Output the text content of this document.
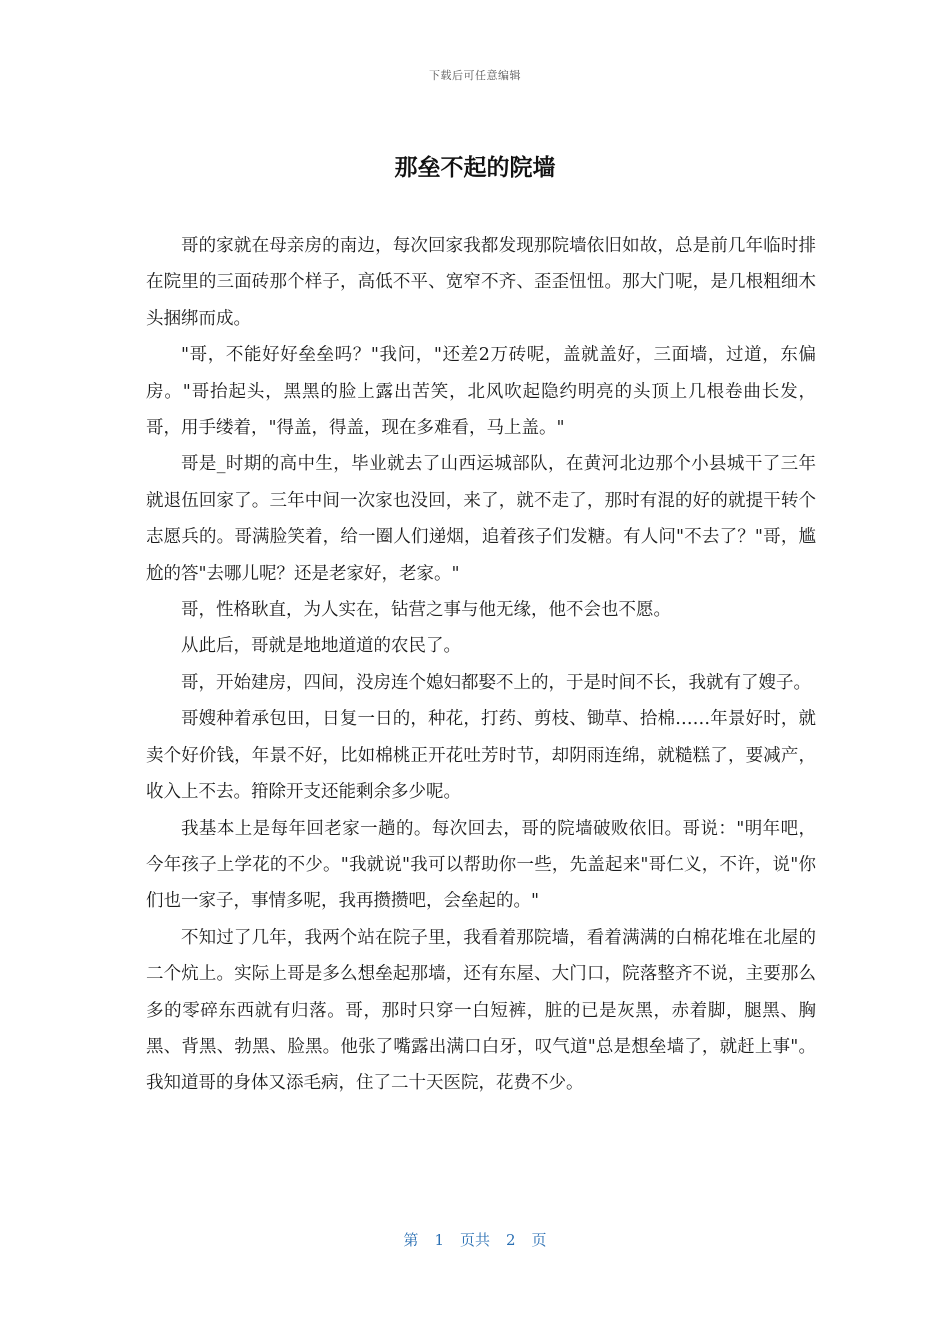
下载后可任意编辑
那垒不起的院墙

哥的家就在母亲房的南边，每次回家我都发现那院墙依旧如故，总是前几年临时排在院里的三面砖那个样子，高低不平、宽窄不齐、歪歪忸忸。那大门呢，是几根粗细木头捆绑而成。

"哥，不能好好垒垒吗？"我问，"还差2万砖呢，盖就盖好，三面墙，过道，东偏房。"哥抬起头，黑黑的脸上露出苦笑，北风吹起隐约明亮的头顶上几根卷曲长发，哥，用手缕着，"得盖，得盖，现在多难看，马上盖。"

哥是_时期的高中生，毕业就去了山西运城部队，在黄河北边那个小县城干了三年就退伍回家了。三年中间一次家也没回，来了，就不走了，那时有混的好的就提干转个志愿兵的。哥满脸笑着，给一圈人们递烟，追着孩子们发糖。有人问"不去了？"哥，尴尬的答"去哪儿呢？还是老家好，老家。"

哥，性格耿直，为人实在，钻营之事与他无缘，他不会也不愿。

从此后，哥就是地地道道的农民了。

哥，开始建房，四间，没房连个媳妇都娶不上的，于是时间不长，我就有了嫂子。

哥嫂种着承包田，日复一日的，种花，打药、剪枝、锄草、拾棉……年景好时，就卖个好价钱，年景不好，比如棉桃正开花吐芳时节，却阴雨连绵，就糙糕了，要减产，收入上不去。箝除开支还能剩余多少呢。

我基本上是每年回老家一趟的。每次回去，哥的院墙破败依旧。哥说："明年吧，今年孩子上学花的不少。"我就说"我可以帮助你一些，先盖起来"哥仁义，不许，说"你们也一家子，事情多呢，我再攒攒吧，会垒起的。"

不知过了几年，我两个站在院子里，我看着那院墙，看着满满的白棉花堆在北屋的二个炕上。实际上哥是多么想垒起那墙，还有东屋、大门口，院落整齐不说，主要那么多的零碎东西就有归落。哥，那时只穿一白短裤，脏的已是灰黑，赤着脚，腿黑、胸黑、背黑、勃黑、脸黑。他张了嘴露出满口白牙，叹气道"总是想垒墙了，就赶上事"。我知道哥的身体又添毛病，住了二十天医院，花费不少。

第 1 页共 2 页
